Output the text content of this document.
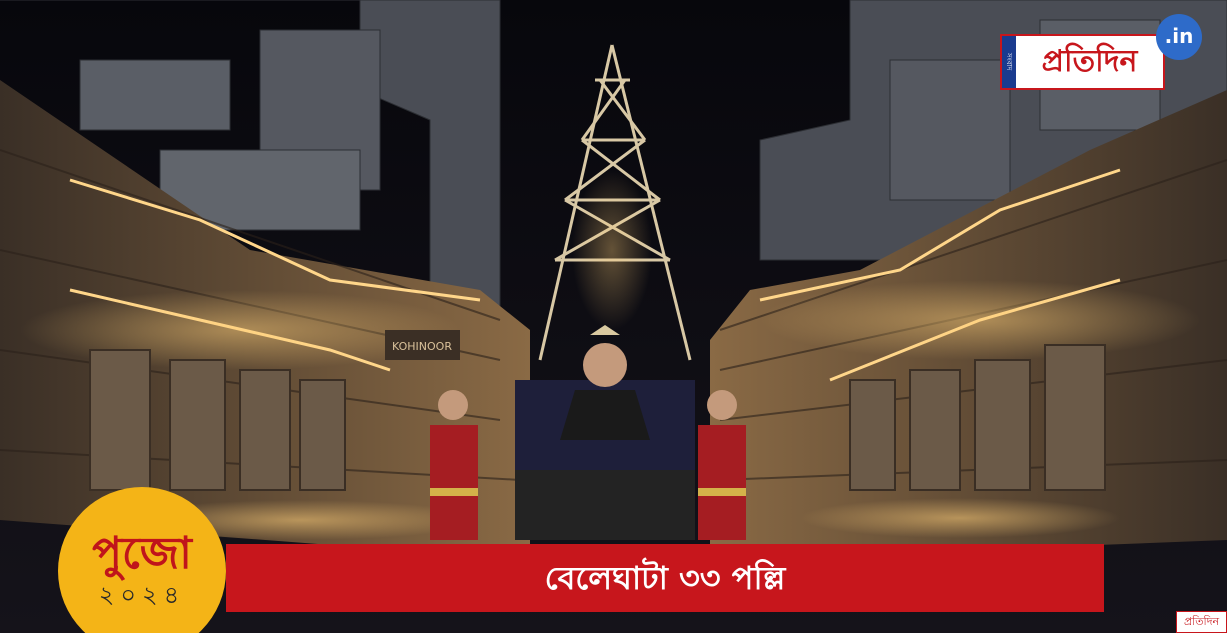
KOHINOOR
সংবাদ প্রতিদিন
.in
পুজো
২০২৪	বেলেঘাটা ৩৩ পল্লি
প্রতিদিন
